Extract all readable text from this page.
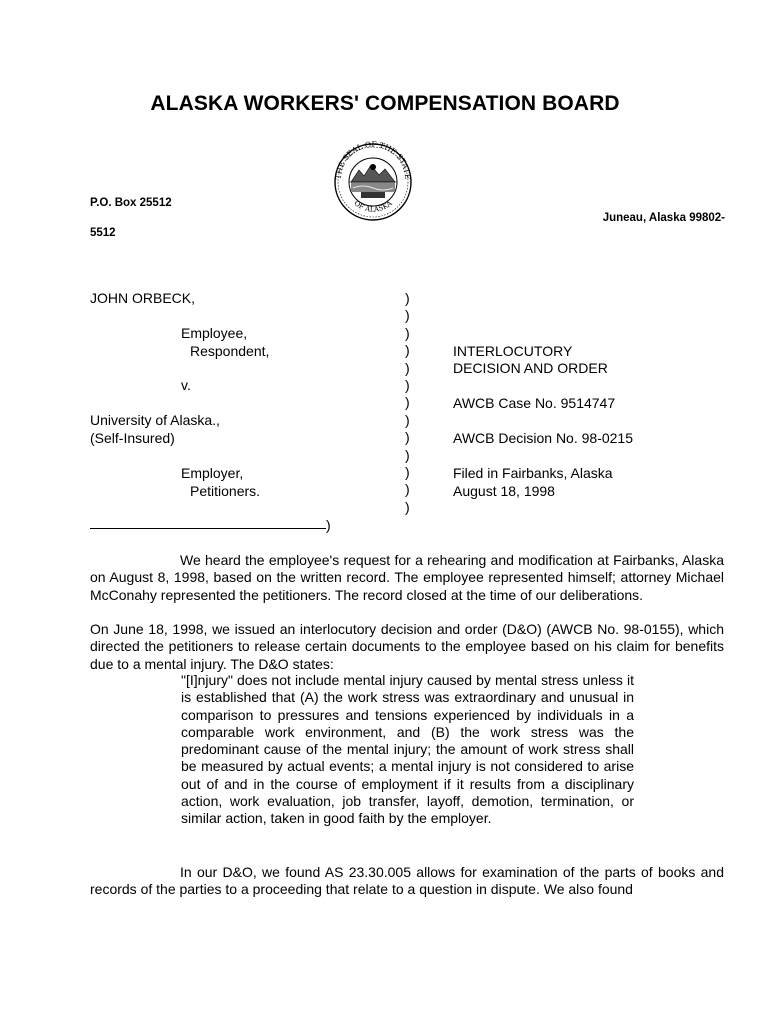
ALASKA WORKERS' COMPENSATION BOARD
THE SEAL OF THE STATE
OF ALASKA
P.O. Box 25512
5512
Juneau, Alaska 99802-
JOHN ORBECK,
Employee,
Respondent,
v.
University of Alaska.,
(Self-Insured)
Employer,
Petitioners.
)
)
)
)
)
)
)
)
)
)
)
)
)
INTERLOCUTORY
DECISION AND ORDER
AWCB Case No. 9514747
AWCB Decision No. 98-0215
Filed in Fairbanks, Alaska
August 18, 1998
)
We heard the employee's request for a rehearing and modification at Fairbanks, Alaska on August 8, 1998, based on the written record. The employee represented himself; attorney Michael McConahy represented the petitioners. The record closed at the time of our deliberations.
On June 18, 1998, we issued an interlocutory decision and order (D&O) (AWCB No. 98-0155), which directed the petitioners to release certain documents to the employee based on his claim for benefits due to a mental injury. The D&O states:
"[I]njury" does not include mental injury caused by mental stress unless it is established that (A) the work stress was extraordinary and unusual in comparison to pressures and tensions experienced by individuals in a comparable work environment, and (B) the work stress was the predominant cause of the mental injury; the amount of work stress shall be measured by actual events; a mental injury is not considered to arise out of and in the course of employment if it results from a disciplinary action, work evaluation, job transfer, layoff, demotion, termination, or similar action, taken in good faith by the employer.
In our D&O, we found AS 23.30.005 allows for examination of the parts of books and records of the parties to a proceeding that relate to a question in dispute. We also found
